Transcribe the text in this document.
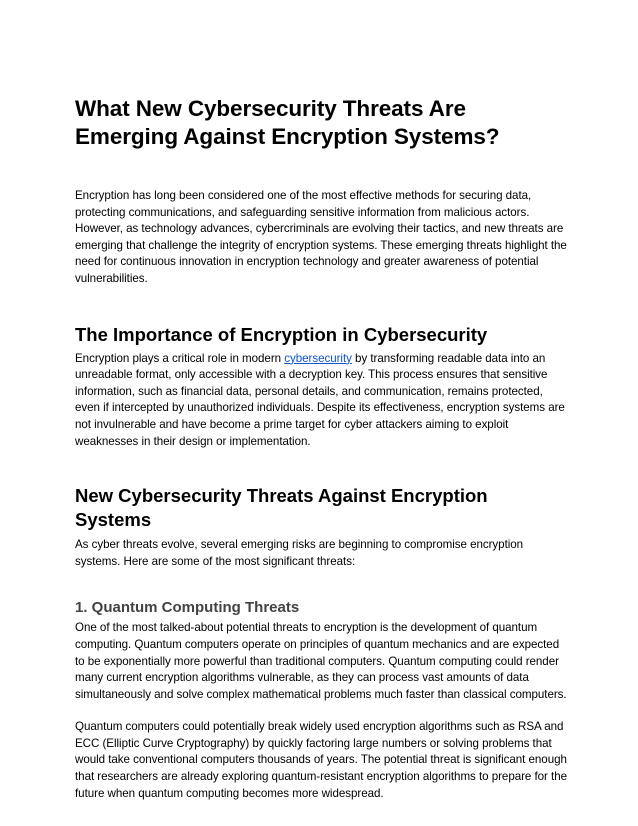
What New Cybersecurity Threats Are Emerging Against Encryption Systems?

Encryption has long been considered one of the most effective methods for securing data, protecting communications, and safeguarding sensitive information from malicious actors. However, as technology advances, cybercriminals are evolving their tactics, and new threats are emerging that challenge the integrity of encryption systems. These emerging threats highlight the need for continuous innovation in encryption technology and greater awareness of potential vulnerabilities.

The Importance of Encryption in Cybersecurity

Encryption plays a critical role in modern cybersecurity by transforming readable data into an unreadable format, only accessible with a decryption key. This process ensures that sensitive information, such as financial data, personal details, and communication, remains protected, even if intercepted by unauthorized individuals. Despite its effectiveness, encryption systems are not invulnerable and have become a prime target for cyber attackers aiming to exploit weaknesses in their design or implementation.

New Cybersecurity Threats Against Encryption Systems

As cyber threats evolve, several emerging risks are beginning to compromise encryption systems. Here are some of the most significant threats:

1. Quantum Computing Threats

One of the most talked-about potential threats to encryption is the development of quantum computing. Quantum computers operate on principles of quantum mechanics and are expected to be exponentially more powerful than traditional computers. Quantum computing could render many current encryption algorithms vulnerable, as they can process vast amounts of data simultaneously and solve complex mathematical problems much faster than classical computers.

Quantum computers could potentially break widely used encryption algorithms such as RSA and ECC (Elliptic Curve Cryptography) by quickly factoring large numbers or solving problems that would take conventional computers thousands of years. The potential threat is significant enough that researchers are already exploring quantum-resistant encryption algorithms to prepare for the future when quantum computing becomes more widespread.
